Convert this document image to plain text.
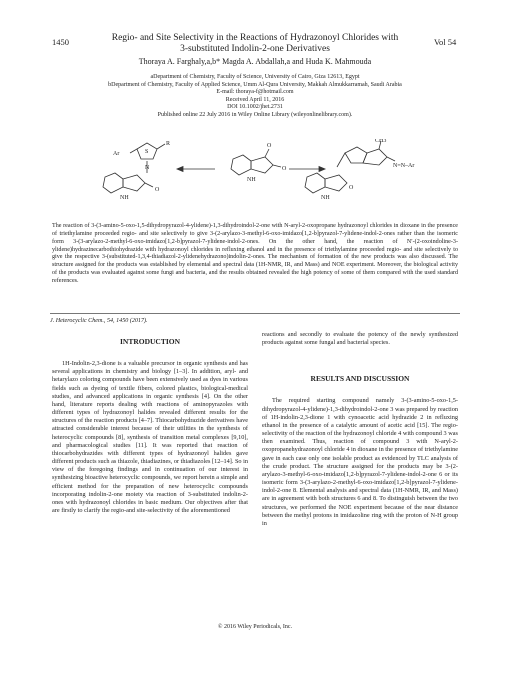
1450	Vol 54
Regio- and Site Selectivity in the Reactions of Hydrazonoyl Chlorides with
3-substituted Indolin-2-one Derivatives
Thoraya A. Farghaly,a,b* Magda A. Abdallah,a and Huda K. Mahmouda
aDepartment of Chemistry, Faculty of Science, University of Cairo, Giza 12613, Egypt
bDepartment of Chemistry, Faculty of Applied Science, Umm Al-Qura University, Makkah Almukkarramah, Saudi Arabia
E-mail: thoraya-f@hotmail.com
Received April 11, 2016
DOI 10.1002/jhet.2731
Published online 22 July 2016 in Wiley Online Library (wileyonlinelibrary.com).
Ar
R
N
S
O
NH
O
O
NH
CH3
N=N–Ar
O
NH
The reaction of 3-(3-amino-5-oxo-1,5-dihydropyrazol-4-ylidene)-1,3-dihydroindol-2-one with N-aryl-2-oxopropane hydrazonoyl chlorides in dioxane in the presence of triethylamine proceeded regio- and site selectively to give 3-(2-arylazo-3-methyl-6-oxo-imidazo[1,2-b]pyrazol-7-ylidene-indol-2-ones rather than the isomeric form 3-(3-arylazo-2-methyl-6-oxo-imidazo[1,2-b]pyrazol-7-ylidene-indol-2-ones. On the other hand, the reaction of N′-(2-oxoindoline-3-ylidene)hydrazinecarbothiohydrazide with hydrazonoyl chlorides in refluxing ethanol and in the presence of triethylamine proceeded regio- and site selectively to give the respective 3-(substituted-1,3,4-thiadiazol-2-ylidenehydrazono)indolin-2-ones. The mechanism of formation of the new products was also discussed. The structure assigned for the products was established by elemental and spectral data (1H-NMR, IR, and Mass) and NOE experiment. Moreover, the biological activity of the products was evaluated against some fungi and bacteria, and the results obtained revealed the high potency of some of them compared with the used standard references.
J. Heterocyclic Chem., 54, 1450 (2017).
INTRODUCTION

1H-Indolin-2,3-dione is a valuable precursor in organic synthesis and has several applications in chemistry and biology [1–3]. In addition, aryl- and hetarylazo coloring compounds have been extensively used as dyes in various fields such as dyeing of textile fibers, colored plastics, biological-medical studies, and advanced applications in organic synthesis [4]. On the other hand, literature reports dealing with reactions of aminopyrazoles with different types of hydrazonoyl halides revealed different results for the structures of the reaction products [4–7]. Thiocarbohydrazide derivatives have attracted considerable interest because of their utilities in the synthesis of heterocyclic compounds [8], synthesis of transition metal complexes [9,10], and pharmacological studies [11]. It was reported that reaction of thiocarbohydrazides with different types of hydrazonoyl halides gave different products such as thiazole, thiadiazines, or thiadiazoles [12–14]. So in view of the foregoing findings and in continuation of our interest in synthesizing bioactive heterocyclic compounds, we report herein a simple and efficient method for the preparation of new heterocyclic compounds incorporating indolin-2-one moiety via reaction of 3-substituted indolin-2-ones with hydrazonoyl chlorides in basic medium. Our objectives after that are firstly to clarify the regio-and site-selectivity of the aforementioned

reactions and secondly to evaluate the potency of the newly synthesized products against some fungal and bacterial species.

RESULTS AND DISCUSSION

The required starting compound namely 3-(3-amino-5-oxo-1,5-dihydropyrazol-4-ylidene)-1,3-dihydroindol-2-one 3 was prepared by reaction of 1H-indolin-2,3-dione 1 with cynoacetic acid hydrazide 2 in refluxing ethanol in the presence of a catalytic amount of acetic acid [15]. The regio-selectivity of the reaction of the hydrazonoyl chloride 4 with compound 3 was then examined. Thus, reaction of compound 3 with N-aryl-2-oxopropanehydrazonoyl chloride 4 in dioxane in the presence of triethylamine gave in each case only one isolable product as evidenced by TLC analysis of the crude product. The structure assigned for the products may be 3-(2-arylazo-3-methyl-6-oxo-imidazo[1,2-b]pyrazol-7-ylidene-indol-2-one 6 or its isomeric form 3-(3-arylazo-2-methyl-6-oxo-imidazo[1,2-b]pyrazol-7-ylidene-indol-2-one 8. Elemental analysis and spectral data (1H-NMR, IR, and Mass) are in agreement with both structures 6 and 8. To distinguish between the two structures, we performed the NOE experiment because of the near distance between the methyl protons in imidazoline ring with the proton of N-H group in

© 2016 Wiley Periodicals, Inc.
